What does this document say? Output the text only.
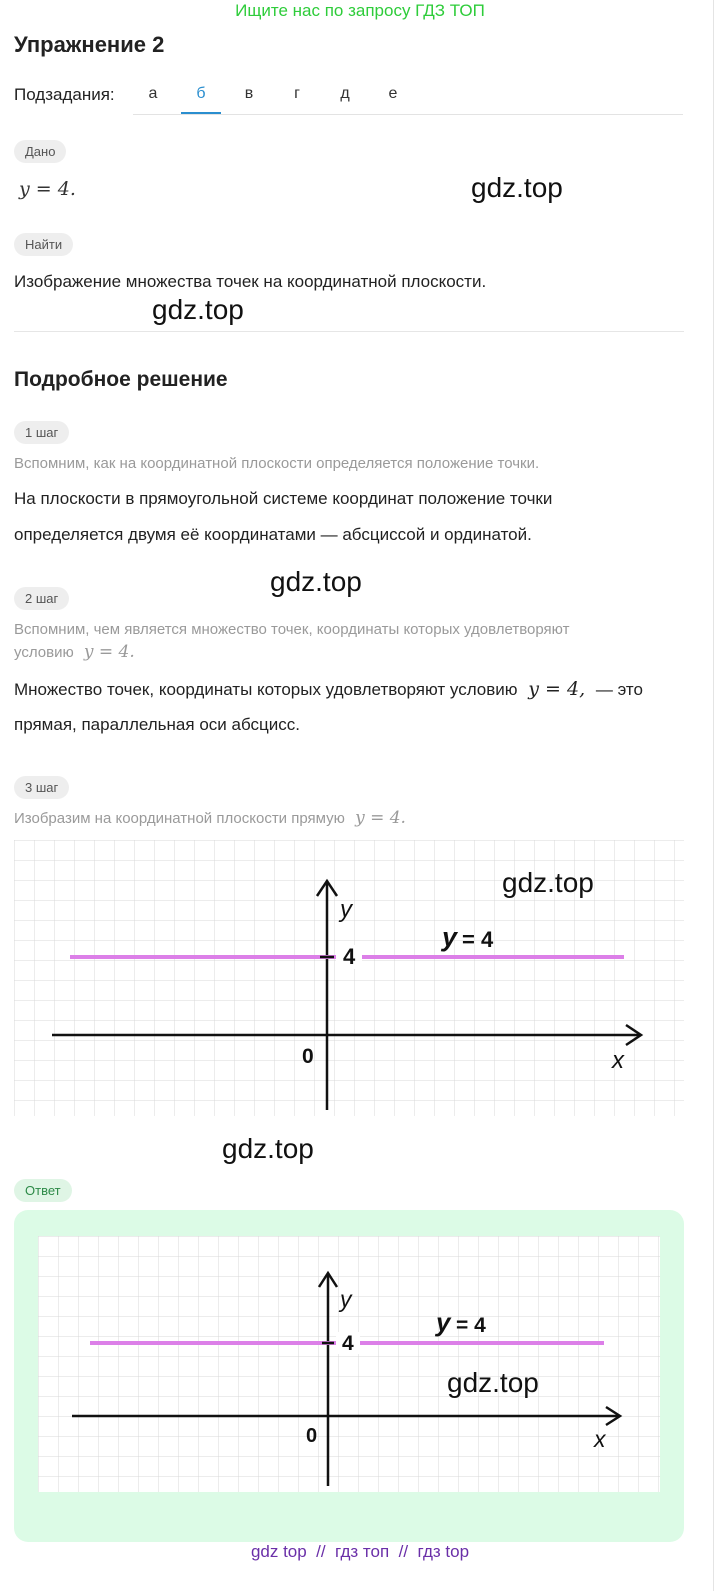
Ищите нас по запросу ГДЗ ТОП
Упражнение 2
Подзадания:	а	б	в	г	д	е
Дано
y = 4.	gdz.top
Найти
Изображение множества точек на координатной плоскости.
gdz.top
Подробное решение
1 шаг
Вспомним, как на координатной плоскости определяется положение точки.
На плоскости в прямоугольной системе координат положение точки
определяется двумя её координатами — абсциссой и ординатой.
gdz.top
2 шаг
Вспомним, чем является множество точек, координаты которых удовлетворяют
условию y = 4.
Множество точек, координаты которых удовлетворяют условию y = 4, — это
прямая, параллельная оси абсцисс.
3 шаг
Изобразим на координатной плоскости прямую y = 4.
4
y
x
0
y = 4
gdz.top
gdz.top
Ответ
4
y
x
0
y = 4
gdz.top
gdz top  //  гдз топ  //  гдз top
